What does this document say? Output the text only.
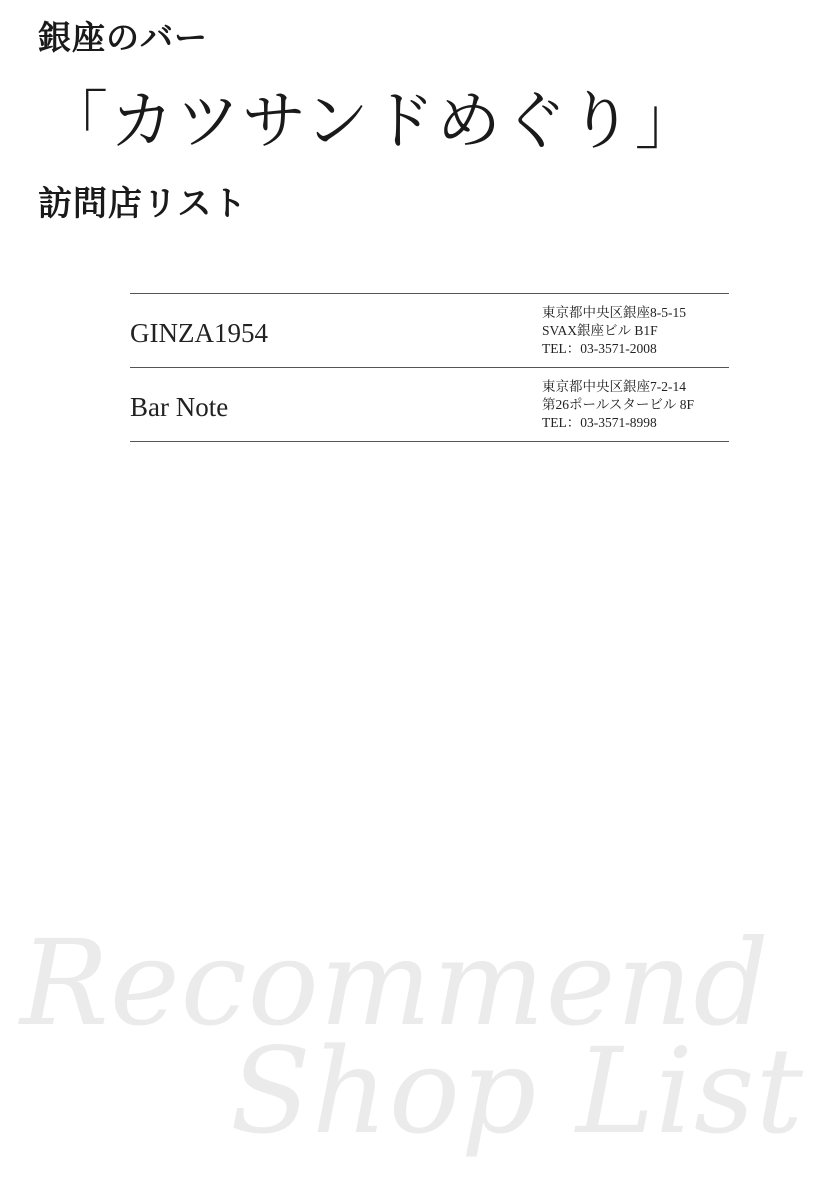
銀座のバー
「カツサンドめぐり」
訪問店リスト
GINZA1954
東京都中央区銀座8-5-15
SVAX銀座ビル B1F
TEL：03-3571-2008
Bar Note
東京都中央区銀座7-2-14
第26ポールスタービル 8F
TEL：03-3571-8998
Recommend
Shop List
